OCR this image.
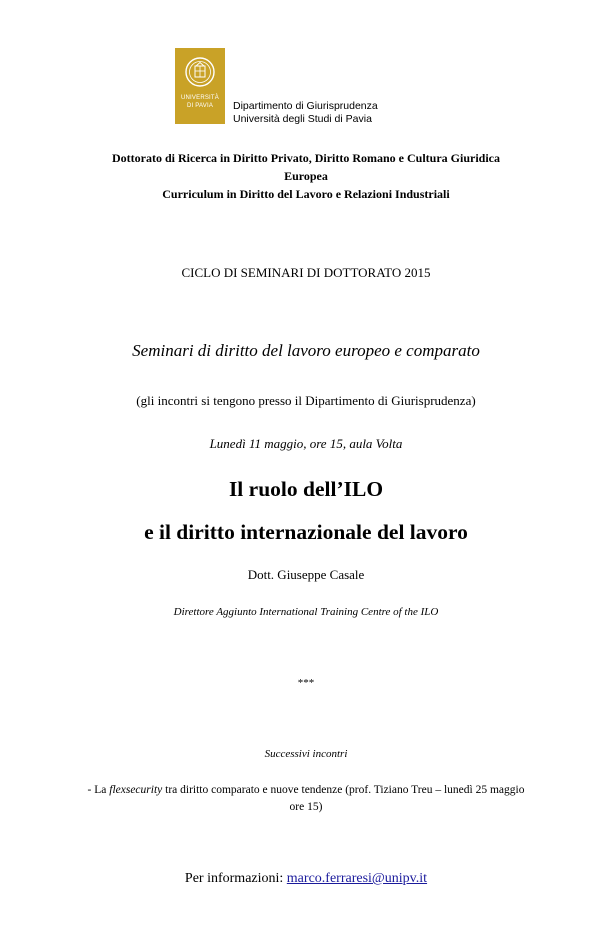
UNIVERSITÀ
DI PAVIA	Dipartimento di Giurisprudenza
Università degli Studi di Pavia
Dottorato di Ricerca in Diritto Privato, Diritto Romano e Cultura Giuridica
Europea
Curriculum in Diritto del Lavoro e Relazioni Industriali
CICLO DI SEMINARI DI DOTTORATO 2015
Seminari di diritto del lavoro europeo e comparato
(gli incontri si tengono presso il Dipartimento di Giurisprudenza)
Lunedì 11 maggio, ore 15, aula Volta
Il ruolo dell’ILO
e il diritto internazionale del lavoro
Dott. Giuseppe Casale
Direttore Aggiunto International Training Centre of the ILO
***
Successivi incontri
- La flexsecurity tra diritto comparato e nuove tendenze (prof. Tiziano Treu – lunedì 25 maggio
ore 15)
Per informazioni: marco.ferraresi@unipv.it
